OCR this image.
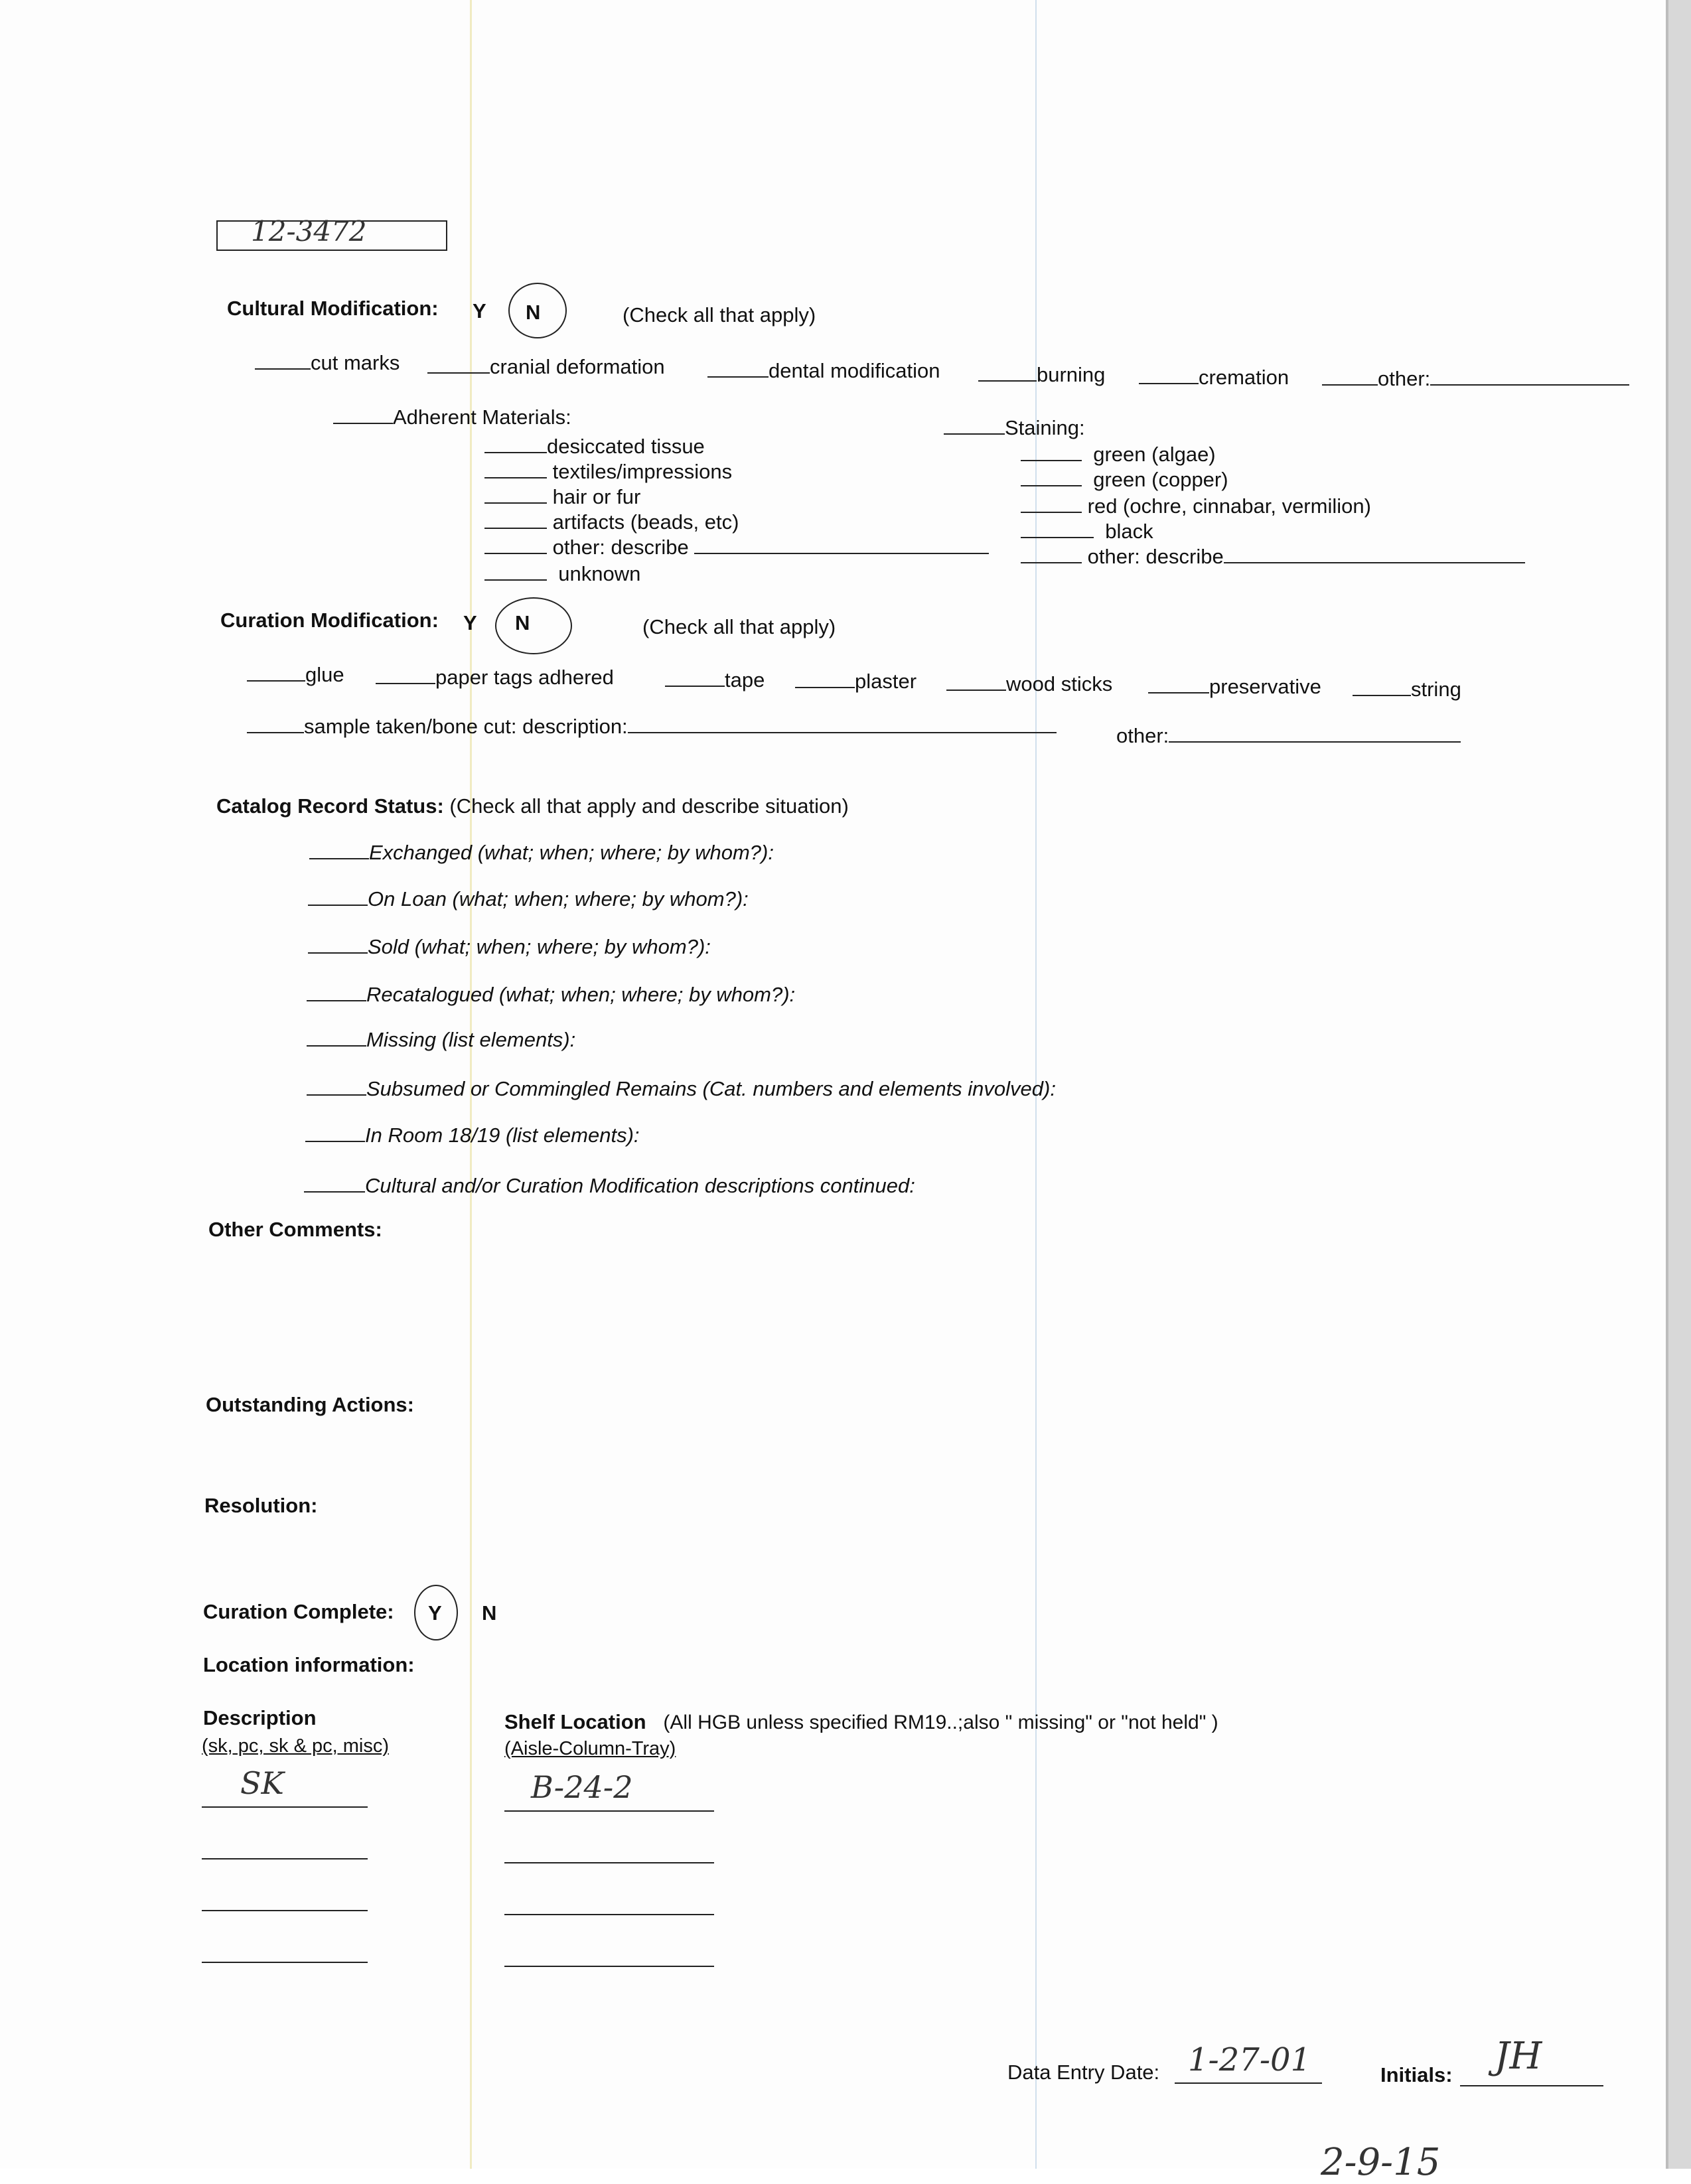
12-3472
Cultural Modification: Y N	(Check all that apply)
cut marks	cranial deformation	dental modification	burning	cremation	other:
Adherent Materials:	Staining:
desiccated tissue
textiles/impressions
hair or fur
artifacts (beads, etc)
other: describe
unknown
green (algae)
green (copper)
red (ochre, cinnabar, vermilion)
black
other: describe
Curation Modification: Y N	(Check all that apply)
glue	paper tags adhered	tape	plaster	wood sticks	preservative	string
sample taken/bone cut: description:	other:
Catalog Record Status: (Check all that apply and describe situation)
Exchanged (what; when; where; by whom?):
On Loan (what; when; where; by whom?):
Sold (what; when; where; by whom?):
Recatalogued (what; when; where; by whom?):
Missing (list elements):
Subsumed or Commingled Remains (Cat. numbers and elements involved):
In Room 18/19 (list elements):
Cultural and/or Curation Modification descriptions continued:
Other Comments:
Outstanding Actions:
Resolution:
Curation Complete: Y N
Location information:
Description
(sk, pc, sk & pc, misc)
SK
Shelf Location (All HGB unless specified RM19..;also " missing" or "not held" )
(Aisle-Column-Tray)
B-24-2
Data Entry Date: 1-27-01	Initials: JH
2-9-15
